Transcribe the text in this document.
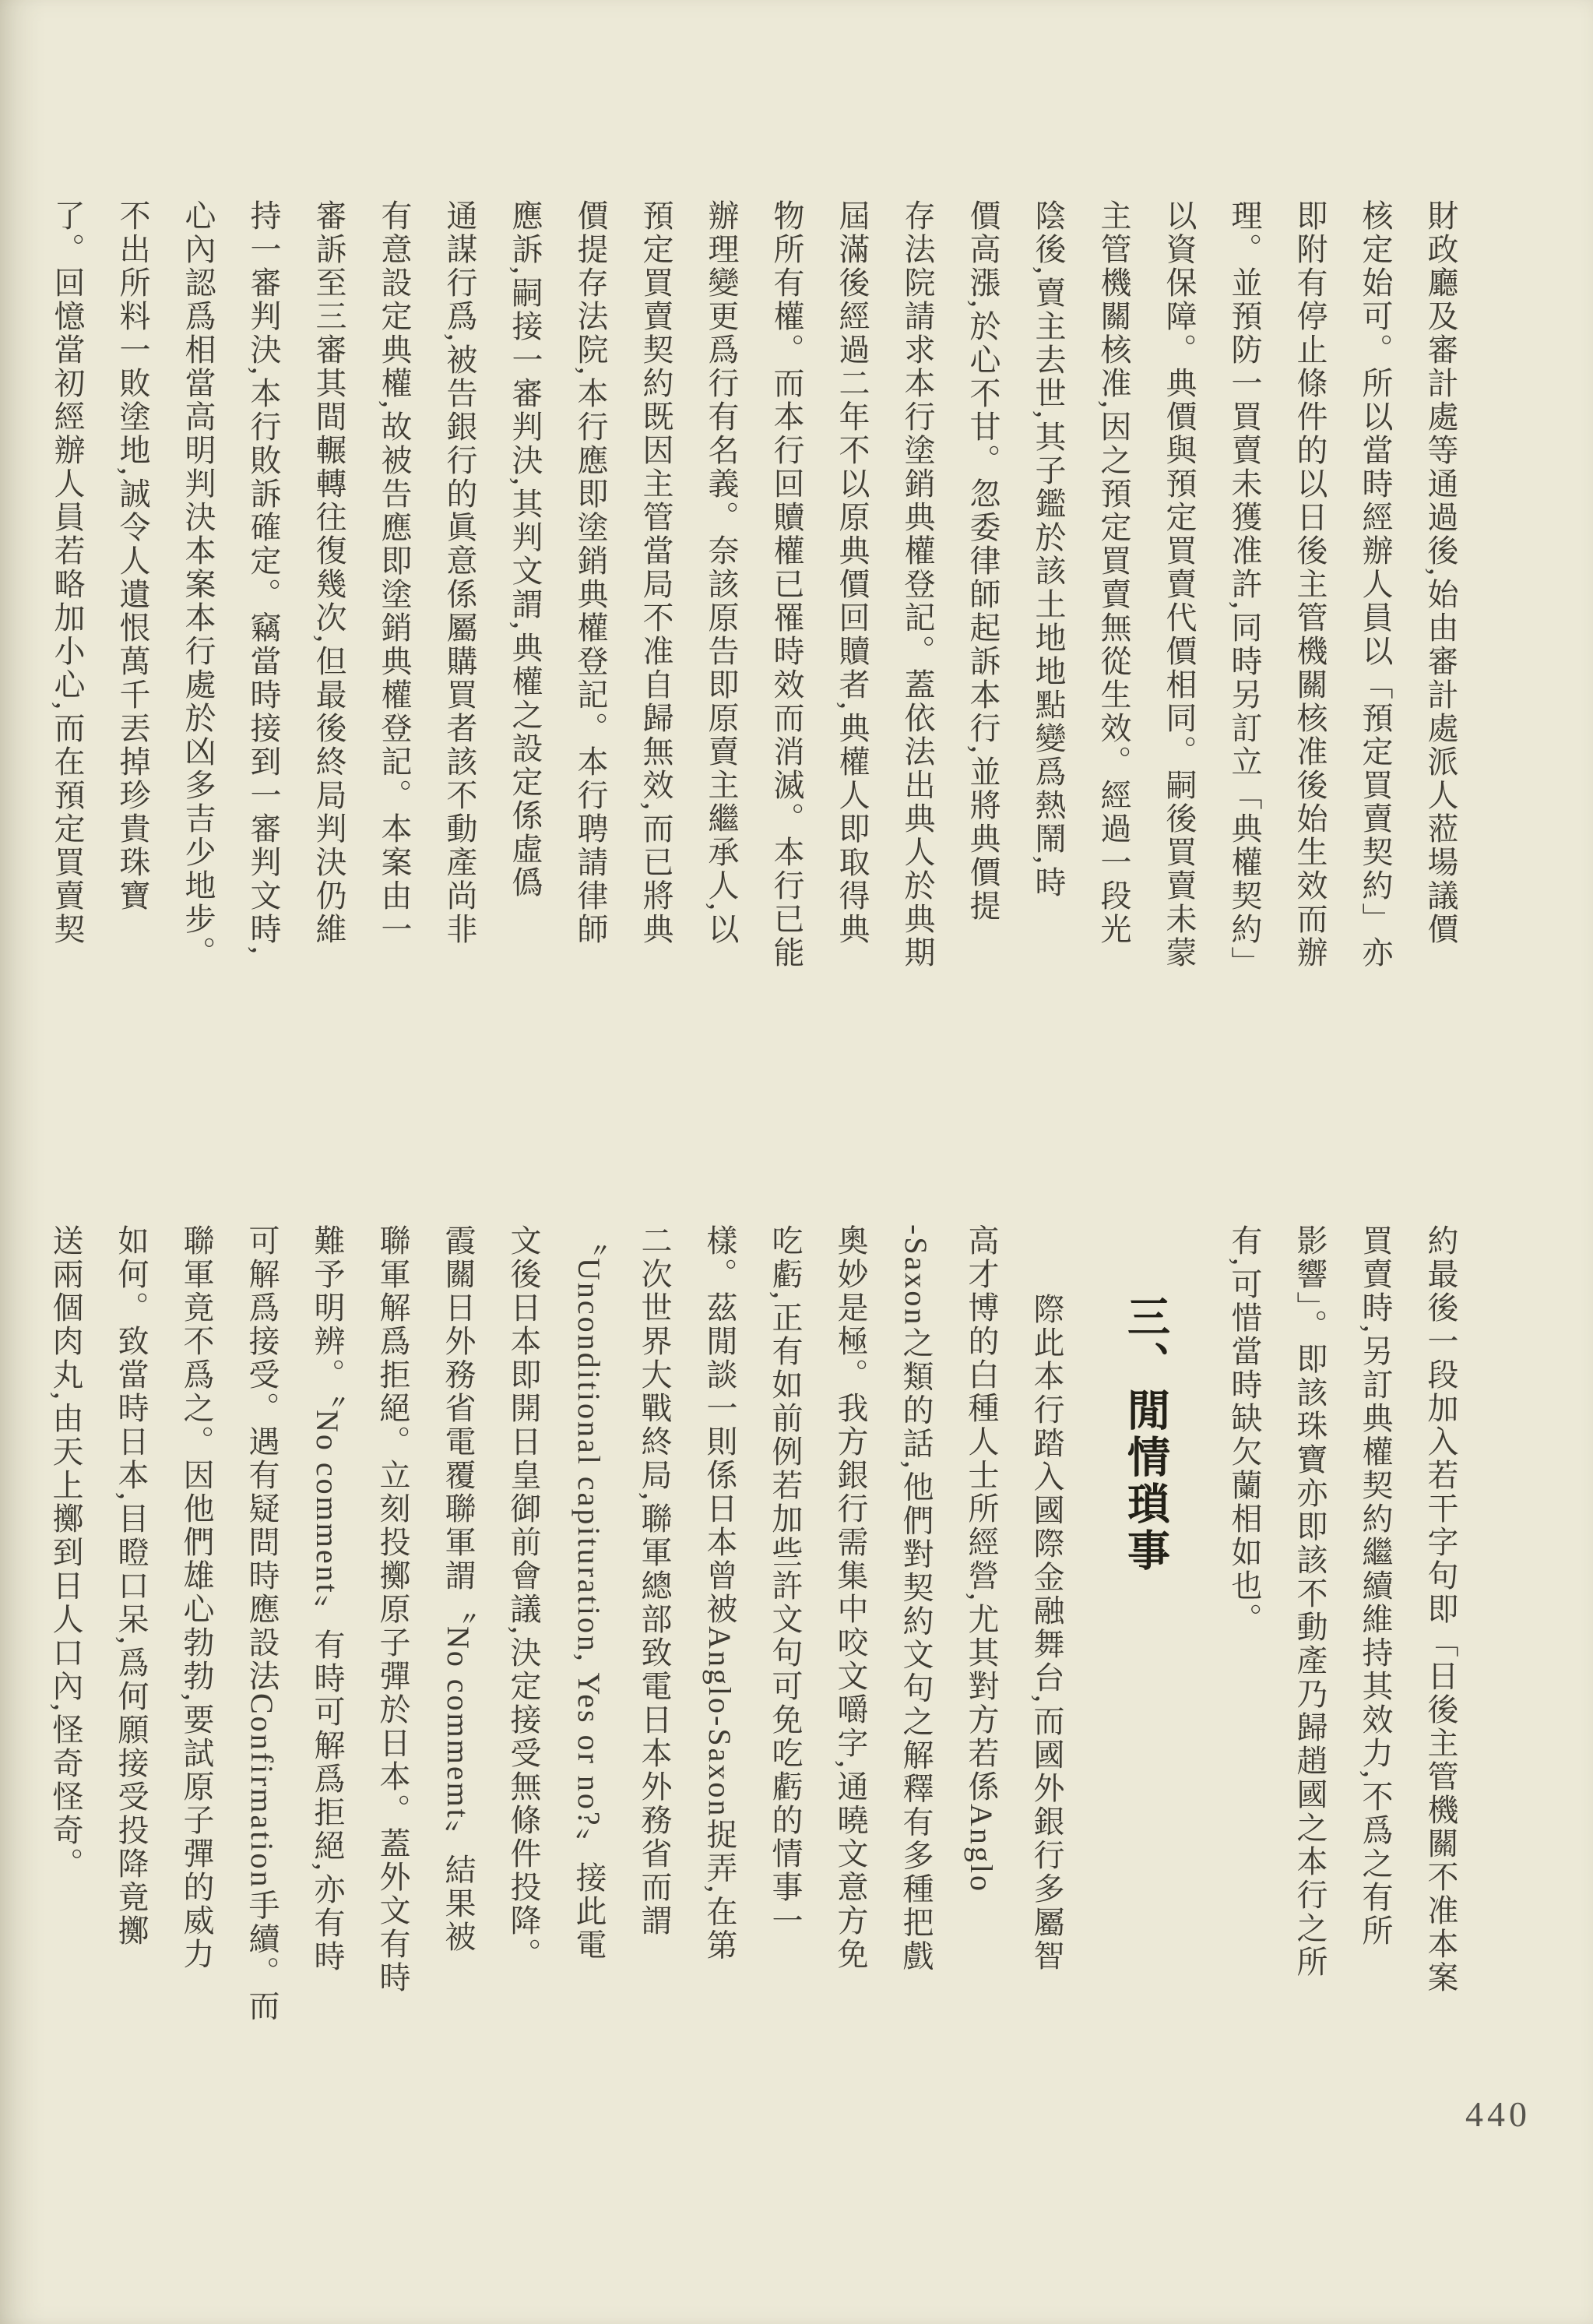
財政廳及審計處等通過後,始由審計處派人蒞場議價
核定始可。所以當時經辦人員以「預定買賣契約」亦
即附有停止條件的以日後主管機關核准後始生效而辦
理。並預防一買賣未獲准許,同時另訂立「典權契約」
以資保障。典價與預定買賣代價相同。嗣後買賣未蒙
主管機關核准,因之預定買賣無從生效。經過一段光
陰後,賣主去世,其子鑑於該土地地點變爲熱鬧,時
價高漲,於心不甘。忽委律師起訴本行,並將典價提
存法院請求本行塗銷典權登記。蓋依法出典人於典期
屆滿後經過二年不以原典價回贖者,典權人即取得典
物所有權。而本行回贖權已罹時效而消滅。本行已能
辦理變更爲行有名義。奈該原告即原賣主繼承人,以
預定買賣契約既因主管當局不准自歸無效,而已將典
價提存法院,本行應即塗銷典權登記。本行聘請律師
應訴,嗣接一審判決,其判文謂,典權之設定係虛僞
通謀行爲,被告銀行的眞意係屬購買者該不動產尚非
有意設定典權,故被告應即塗銷典權登記。本案由一
審訴至三審其間輾轉往復幾次,但最後終局判決仍維
持一審判決,本行敗訴確定。竊當時接到一審判文時,
心內認爲相當高明判決本案本行處於凶多吉少地步。
不出所料一敗塗地,誠令人遺恨萬千丟掉珍貴珠寶
了。回憶當初經辦人員若略加小心,而在預定買賣契
約最後一段加入若干字句即「日後主管機關不准本案
買賣時,另訂典權契約繼續維持其效力,不爲之有所
影響」。即該珠寶亦即該不動產乃歸趙國之本行之所
有,可惜當時缺欠蘭相如也。
三、閒情瑣事
際此本行踏入國際金融舞台,而國外銀行多屬智
高才博的白種人士所經營,尤其對方若係Anglo
-Saxon之類的話,他們對契約文句之解釋有多種把戲
奧妙是極。我方銀行需集中咬文嚼字,通曉文意方免
吃虧,正有如前例若加些許文句可免吃虧的情事一
樣。茲閒談一則係日本曾被Anglo-Saxon捉弄,在第
二次世界大戰終局,聯軍總部致電日本外務省而謂
〝Unconditional capituration, Yes or no?〞接此電
文後日本即開日皇御前會議,決定接受無條件投降。
霞關日外務省電覆聯軍謂〝No commemt〞結果被
聯軍解爲拒絕。立刻投擲原子彈於日本。蓋外文有時
難予明辨。〝No comment〞有時可解爲拒絕,亦有時
可解爲接受。遇有疑問時應設法Confirmation手續。而
聯軍竟不爲之。因他們雄心勃勃,要試原子彈的威力
如何。致當時日本,目瞪口呆,爲何願接受投降竟擲
送兩個肉丸,由天上擲到日人口內,怪奇怪奇。
440
